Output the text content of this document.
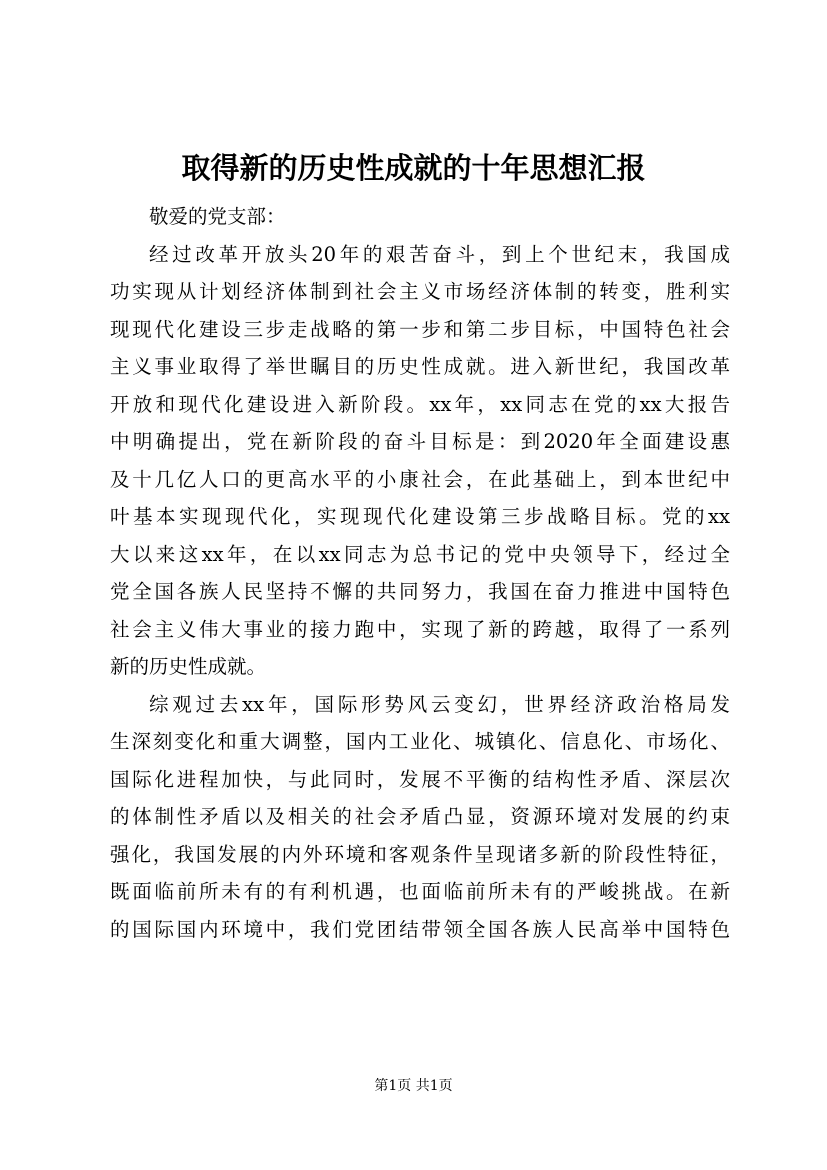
取得新的历史性成就的十年思想汇报
敬爱的党支部：
经过改革开放头20年的艰苦奋斗，到上个世纪末，我国成
功实现从计划经济体制到社会主义市场经济体制的转变，胜利实
现现代化建设三步走战略的第一步和第二步目标，中国特色社会
主义事业取得了举世瞩目的历史性成就。进入新世纪，我国改革
开放和现代化建设进入新阶段。xx年，xx同志在党的xx大报告
中明确提出，党在新阶段的奋斗目标是：到2020年全面建设惠
及十几亿人口的更高水平的小康社会，在此基础上，到本世纪中
叶基本实现现代化，实现现代化建设第三步战略目标。党的xx
大以来这xx年，在以xx同志为总书记的党中央领导下，经过全
党全国各族人民坚持不懈的共同努力，我国在奋力推进中国特色
社会主义伟大事业的接力跑中，实现了新的跨越，取得了一系列
新的历史性成就。
综观过去xx年，国际形势风云变幻，世界经济政治格局发
生深刻变化和重大调整，国内工业化、城镇化、信息化、市场化、
国际化进程加快，与此同时，发展不平衡的结构性矛盾、深层次
的体制性矛盾以及相关的社会矛盾凸显，资源环境对发展的约束
强化，我国发展的内外环境和客观条件呈现诸多新的阶段性特征，
既面临前所未有的有利机遇，也面临前所未有的严峻挑战。在新
的国际国内环境中，我们党团结带领全国各族人民高举中国特色
第1页 共1页
